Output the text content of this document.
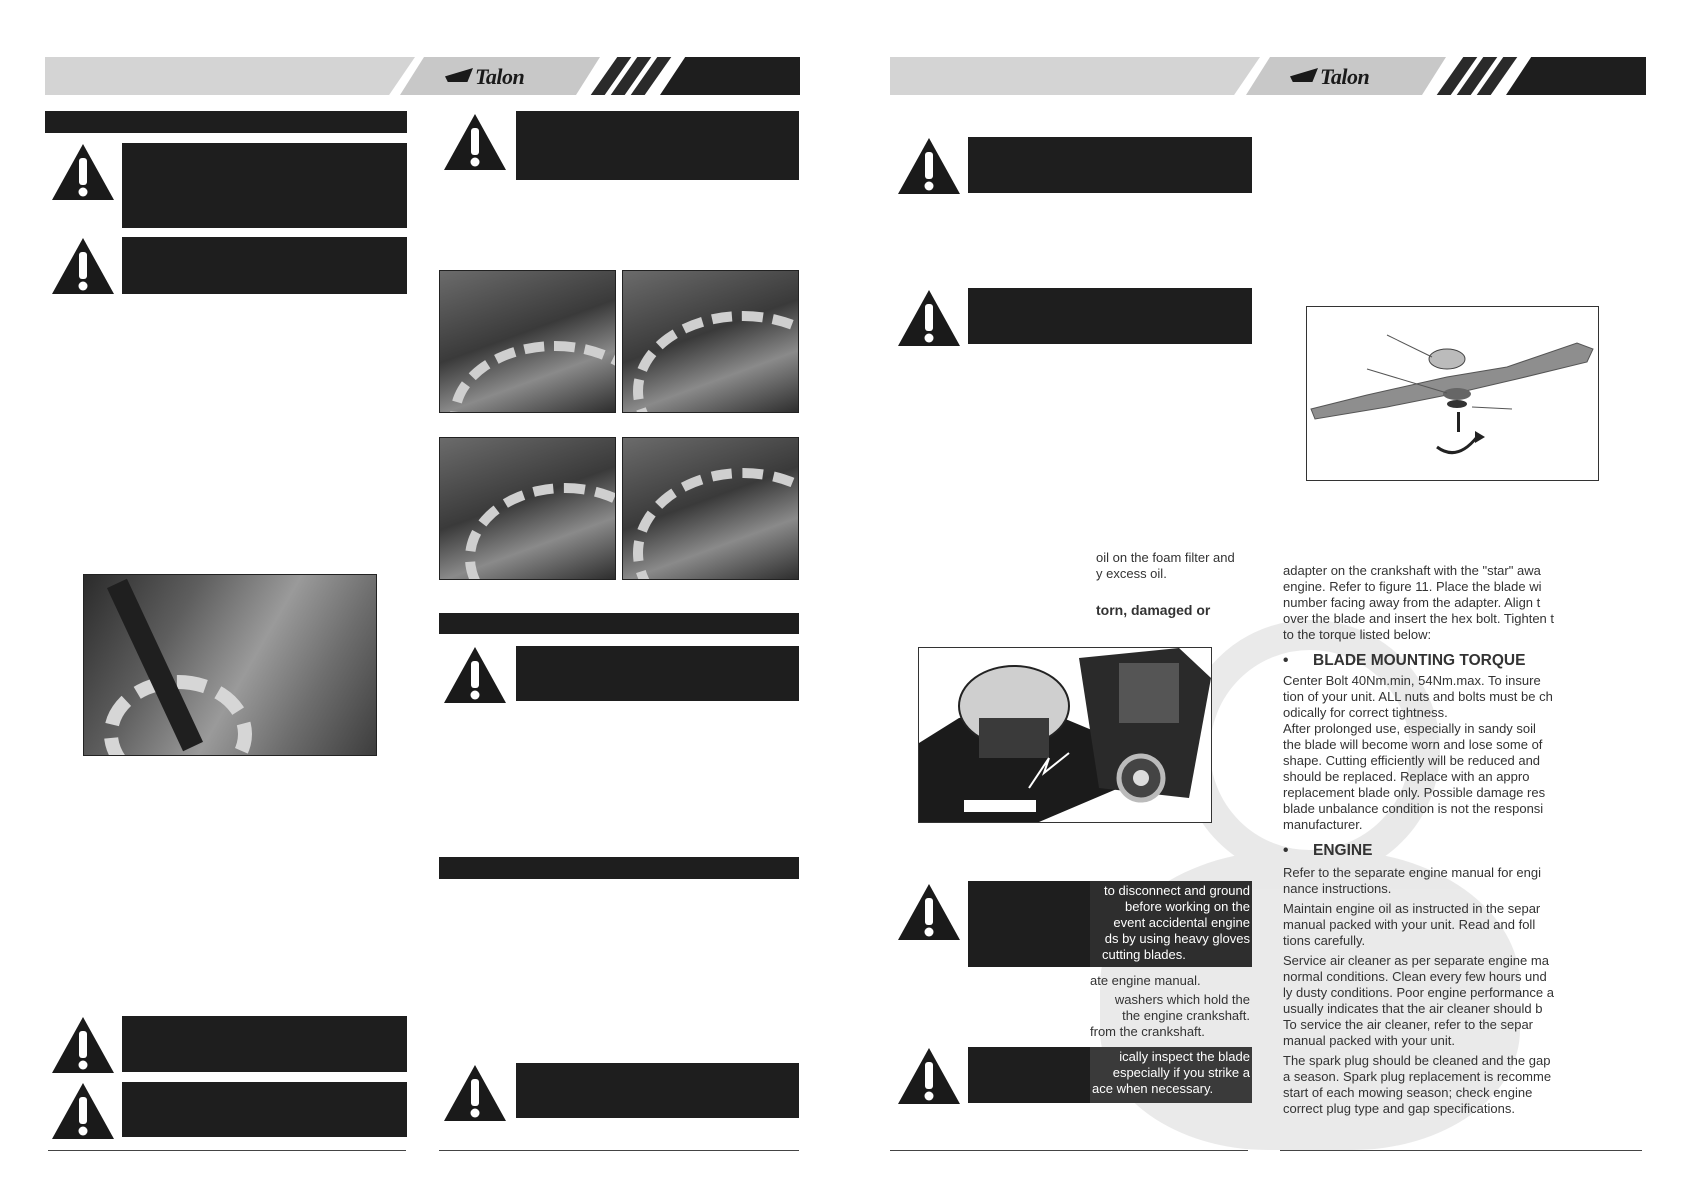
Talon	Talon
oil on the foam filter and
y excess oil.
torn, damaged or
to disconnect and ground
before working on the
event accidental engine
ds by using heavy gloves
cutting blades.
ate engine manual.
washers which hold the
the engine crankshaft.
from the crankshaft.
ically inspect the blade
especially if you strike a
ace when necessary.
adapter on the crankshaft with the "star" awa
engine. Refer to figure 11. Place the blade wi
number facing away from the adapter. Align t
over the blade and insert the hex bolt. Tighten t
to the torque listed below:
• BLADE MOUNTING TORQUE
Center Bolt 40Nm.min, 54Nm.max. To insure
tion of your unit. ALL nuts and bolts must be ch
odically for correct tightness.
After prolonged use, especially in sandy soil
the blade will become worn and lose some of
shape. Cutting efficiently will be reduced and
should be replaced. Replace with an appro
replacement blade only. Possible damage res
blade unbalance condition is not the responsi
manufacturer.
• ENGINE
Refer to the separate engine manual for engi
nance instructions.
Maintain engine oil as instructed in the separ
manual packed with your unit. Read and foll
tions carefully.
Service air cleaner as per separate engine ma
normal conditions. Clean every few hours und
ly dusty conditions. Poor engine performance a
usually indicates that the air cleaner should b
To service the air cleaner, refer to the separ
manual packed with your unit.
The spark plug should be cleaned and the gap
a season. Spark plug replacement is recomme
start of each mowing season; check engine
correct plug type and gap specifications.
